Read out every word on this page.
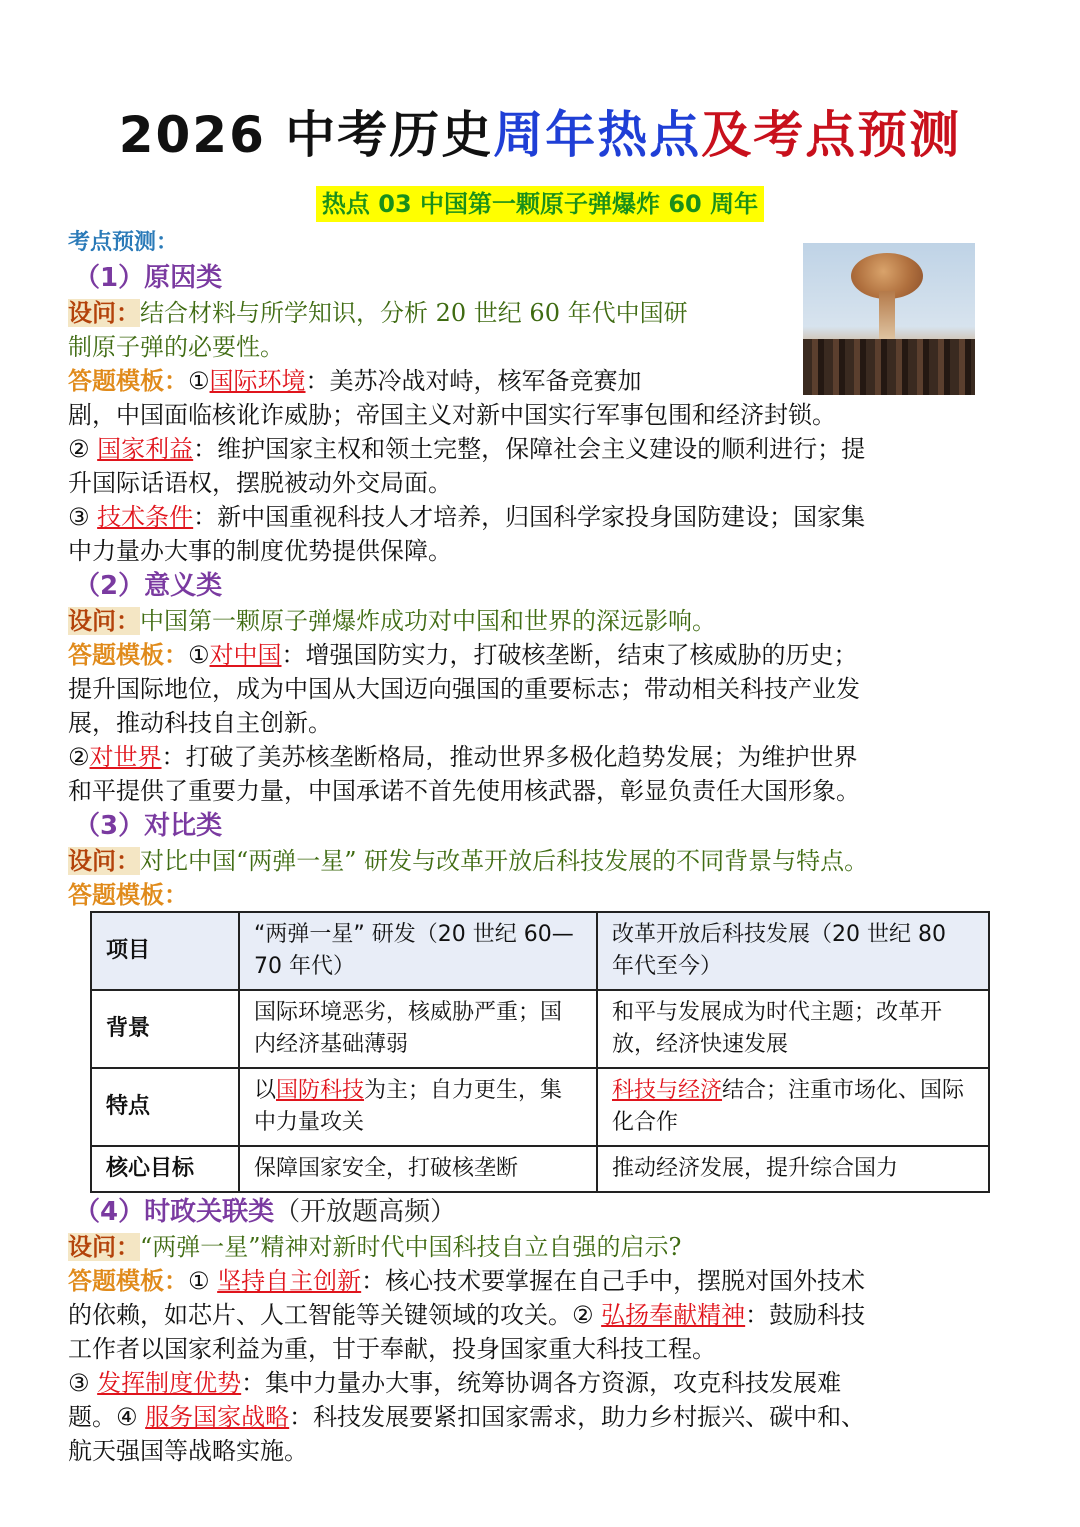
2026 中考历史周年热点及考点预测
热点 03 中国第一颗原子弹爆炸 60 周年
考点预测：
（1）原因类

设问：结合材料与所学知识，分析 20 世纪 60 年代中国研

制原子弹的必要性。

答题模板：①国际环境：美苏冷战对峙，核军备竞赛加

剧，中国面临核讹诈威胁；帝国主义对新中国实行军事包围和经济封锁。

② 国家利益：维护国家主权和领土完整，保障社会主义建设的顺利进行；提

升国际话语权，摆脱被动外交局面。

③ 技术条件：新中国重视科技人才培养，归国科学家投身国防建设；国家集

中力量办大事的制度优势提供保障。

（2）意义类

设问：中国第一颗原子弹爆炸成功对中国和世界的深远影响。

答题模板：①对中国：增强国防实力，打破核垄断，结束了核威胁的历史；

提升国际地位，成为中国从大国迈向强国的重要标志；带动相关科技产业发

展，推动科技自主创新。

②对世界：打破了美苏核垄断格局，推动世界多极化趋势发展；为维护世界

和平提供了重要力量，中国承诺不首先使用核武器，彰显负责任大国形象。

（3）对比类

设问：对比中国“两弹一星” 研发与改革开放后科技发展的不同背景与特点。

答题模板：

项目	“两弹一星” 研发（20 世纪 60—70 年代）	改革开放后科技发展（20 世纪 80 年代至今）
背景	国际环境恶劣，核威胁严重；国内经济基础薄弱	和平与发展成为时代主题；改革开放，经济快速发展
特点	以国防科技为主；自力更生，集中力量攻关	科技与经济结合；注重市场化、国际化合作
核心目标	保障国家安全，打破核垄断	推动经济发展，提升综合国力
（4）时政关联类（开放题高频）

设问：“两弹一星”精神对新时代中国科技自立自强的启示?

答题模板：① 坚持自主创新：核心技术要掌握在自己手中，摆脱对国外技术

的依赖，如芯片、人工智能等关键领域的攻关。② 弘扬奉献精神：鼓励科技

工作者以国家利益为重，甘于奉献，投身国家重大科技工程。

③ 发挥制度优势：集中力量办大事，统筹协调各方资源，攻克科技发展难

题。④ 服务国家战略：科技发展要紧扣国家需求，助力乡村振兴、碳中和、

航天强国等战略实施。
